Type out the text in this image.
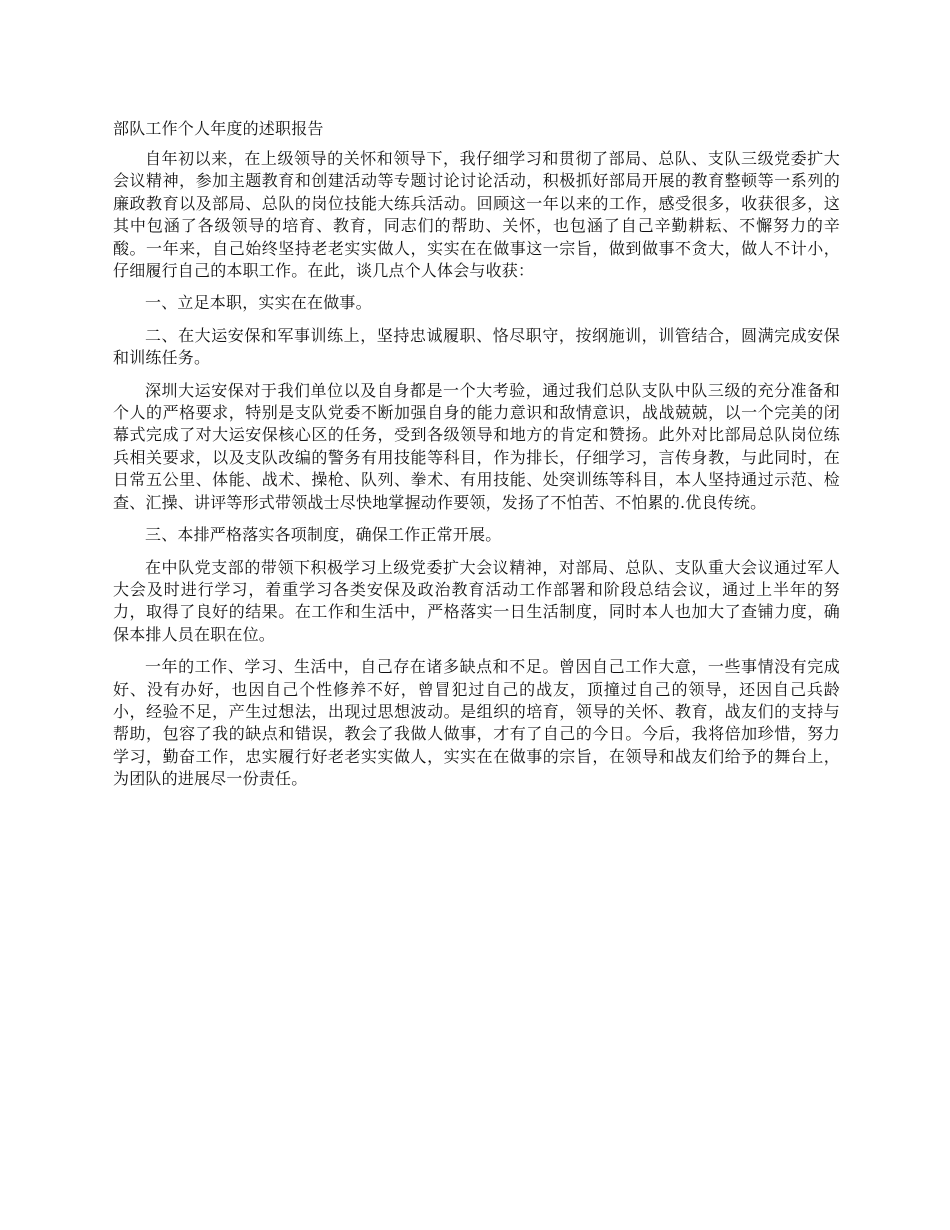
部队工作个人年度的述职报告

自年初以来，在上级领导的关怀和领导下，我仔细学习和贯彻了部局、总队、支队三级党委扩大会议精神，参加主题教育和创建活动等专题讨论讨论活动，积极抓好部局开展的教育整顿等一系列的廉政教育以及部局、总队的岗位技能大练兵活动。回顾这一年以来的工作，感受很多，收获很多，这其中包涵了各级领导的培育、教育，同志们的帮助、关怀，也包涵了自己辛勤耕耘、不懈努力的辛酸。一年来，自己始终坚持老老实实做人，实实在在做事这一宗旨，做到做事不贪大，做人不计小，仔细履行自己的本职工作。在此，谈几点个人体会与收获：

一、立足本职，实实在在做事。

二、在大运安保和军事训练上，坚持忠诚履职、恪尽职守，按纲施训，训管结合，圆满完成安保和训练任务。

深圳大运安保对于我们单位以及自身都是一个大考验，通过我们总队支队中队三级的充分准备和个人的严格要求，特别是支队党委不断加强自身的能力意识和敌情意识，战战兢兢，以一个完美的闭幕式完成了对大运安保核心区的任务，受到各级领导和地方的肯定和赞扬。此外对比部局总队岗位练兵相关要求，以及支队改编的警务有用技能等科目，作为排长，仔细学习，言传身教，与此同时，在日常五公里、体能、战术、操枪、队列、拳术、有用技能、处突训练等科目，本人坚持通过示范、检查、汇操、讲评等形式带领战士尽快地掌握动作要领，发扬了不怕苦、不怕累的.优良传统。

三、本排严格落实各项制度，确保工作正常开展。

在中队党支部的带领下积极学习上级党委扩大会议精神，对部局、总队、支队重大会议通过军人大会及时进行学习，着重学习各类安保及政治教育活动工作部署和阶段总结会议，通过上半年的努力，取得了良好的结果。在工作和生活中，严格落实一日生活制度，同时本人也加大了查铺力度，确保本排人员在职在位。

一年的工作、学习、生活中，自己存在诸多缺点和不足。曾因自己工作大意，一些事情没有完成好、没有办好，也因自己个性修养不好，曾冒犯过自己的战友，顶撞过自己的领导，还因自己兵龄小，经验不足，产生过想法，出现过思想波动。是组织的培育，领导的关怀、教育，战友们的支持与帮助，包容了我的缺点和错误，教会了我做人做事，才有了自己的今日。今后，我将倍加珍惜，努力学习，勤奋工作，忠实履行好老老实实做人，实实在在做事的宗旨，在领导和战友们给予的舞台上，为团队的进展尽一份责任。
